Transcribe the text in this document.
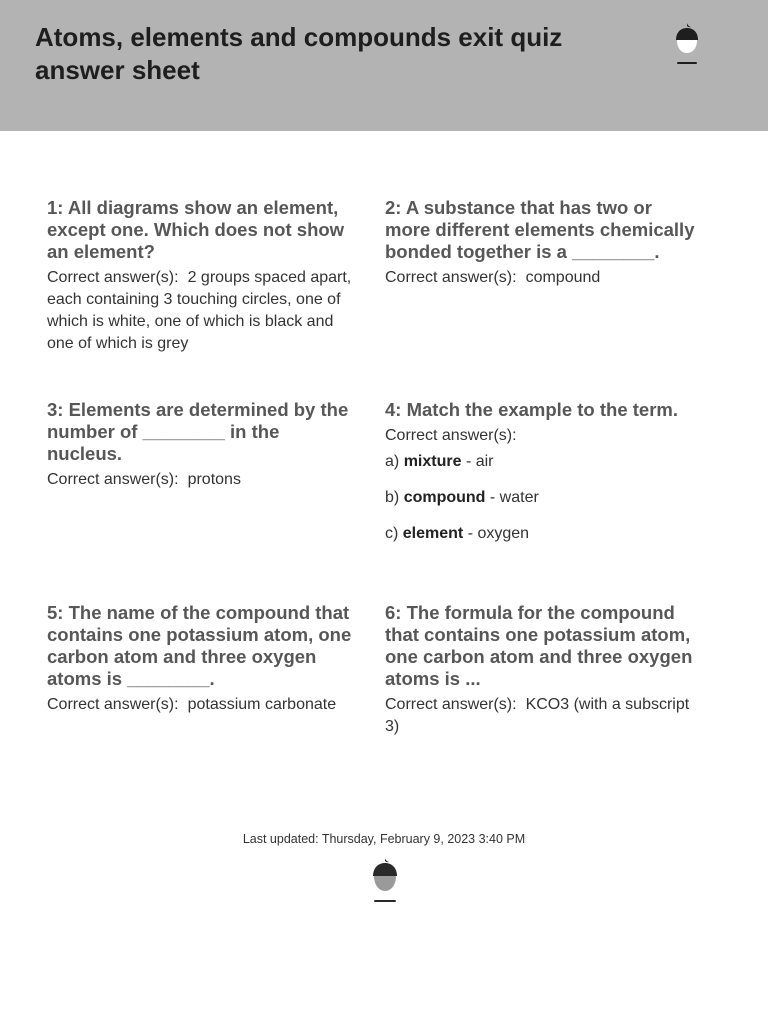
Atoms, elements and compounds exit quiz answer sheet

1: All diagrams show an element, except one. Which does not show an element?

Correct answer(s): 2 groups spaced apart, each containing 3 touching circles, one of which is white, one of which is black and one of which is grey

2: A substance that has two or more different elements chemically bonded together is a ________.

Correct answer(s): compound

3: Elements are determined by the number of ________ in the nucleus.

Correct answer(s): protons

4: Match the example to the term.

Correct answer(s):

a) mixture - air
b) compound - water
c) element - oxygen

5: The name of the compound that contains one potassium atom, one carbon atom and three oxygen atoms is ________.

Correct answer(s): potassium carbonate

6: The formula for the compound that contains one potassium atom, one carbon atom and three oxygen atoms is ...

Correct answer(s): KCO3 (with a subscript 3)

Last updated: Thursday, February 9, 2023 3:40 PM
